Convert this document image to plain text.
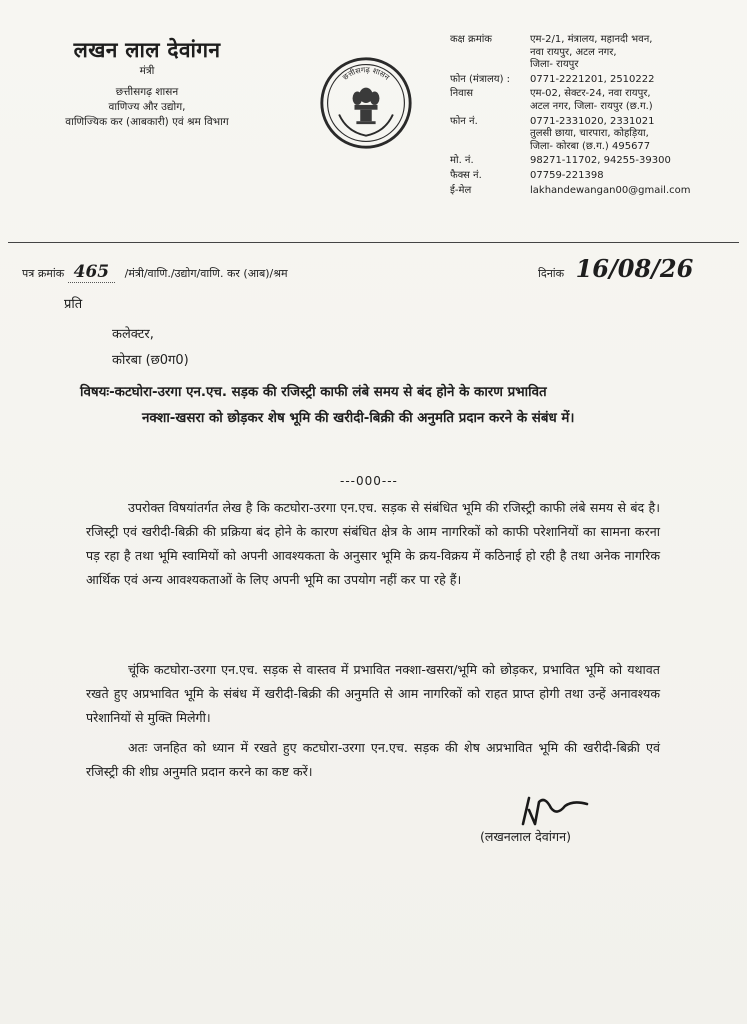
लखन लाल देवांगन
मंत्री
छत्तीसगढ़ शासन
वाणिज्य और उद्योग,
वाणिज्यिक कर (आबकारी) एवं श्रम विभाग
छत्तीसगढ़ शासन
कक्ष क्रमांक	एम-2/1, मंत्रालय, महानदी भवन,
नवा रायपुर, अटल नगर,
जिला- रायपुर
फोन (मंत्रालय) :	0771-2221201, 2510222
निवास	एम-02, सेक्टर-24, नवा रायपुर,
अटल नगर, जिला- रायपुर (छ.ग.)
फोन नं.	0771-2331020, 2331021
तुलसी छाया, चारपारा, कोहड़िया,
जिला- कोरबा (छ.ग.) 495677
मो. नं.	98271-11702, 94255-39300
फैक्स नं.	07759-221398
ई-मेल	lakhandewangan00@gmail.com
पत्र क्रमांक 465 /मंत्री/वाणि./उद्योग/वाणि. कर (आब)/श्रम	दिनांक 16/08/26
प्रति
कलेक्टर,
कोरबा (छ0ग0)
विषयः-कटघोरा-उरगा एन.एच. सड़क की रजिस्ट्री काफी लंबे समय से बंद होने के कारण प्रभावित
नक्शा-खसरा को छोड़कर शेष भूमि की खरीदी-बिक्री की अनुमति प्रदान करने के संबंध में।
---000---
उपरोक्त विषयांतर्गत लेख है कि कटघोरा-उरगा एन.एच. सड़क से संबंधित भूमि की रजिस्ट्री काफी लंबे समय से बंद है। रजिस्ट्री एवं खरीदी-बिक्री की प्रक्रिया बंद होने के कारण संबंधित क्षेत्र के आम नागरिकों को काफी परेशानियों का सामना करना पड़ रहा है तथा भूमि स्वामियों को अपनी आवश्यकता के अनुसार भूमि के क्रय-विक्रय में कठिनाई हो रही है तथा अनेक नागरिक आर्थिक एवं अन्य आवश्यकताओं के लिए अपनी भूमि का उपयोग नहीं कर पा रहे हैं।
चूंकि कटघोरा-उरगा एन.एच. सड़क से वास्तव में प्रभावित नक्शा-खसरा/भूमि को छोड़कर, प्रभावित भूमि को यथावत रखते हुए अप्रभावित भूमि के संबंध में खरीदी-बिक्री की अनुमति से आम नागरिकों को राहत प्राप्त होगी तथा उन्हें अनावश्यक परेशानियों से मुक्ति मिलेगी।
अतः जनहित को ध्यान में रखते हुए कटघोरा-उरगा एन.एच. सड़क की शेष अप्रभावित भूमि की खरीदी-बिक्री एवं रजिस्ट्री की शीघ्र अनुमति प्रदान करने का कष्ट करें।
(लखनलाल देवांगन)
